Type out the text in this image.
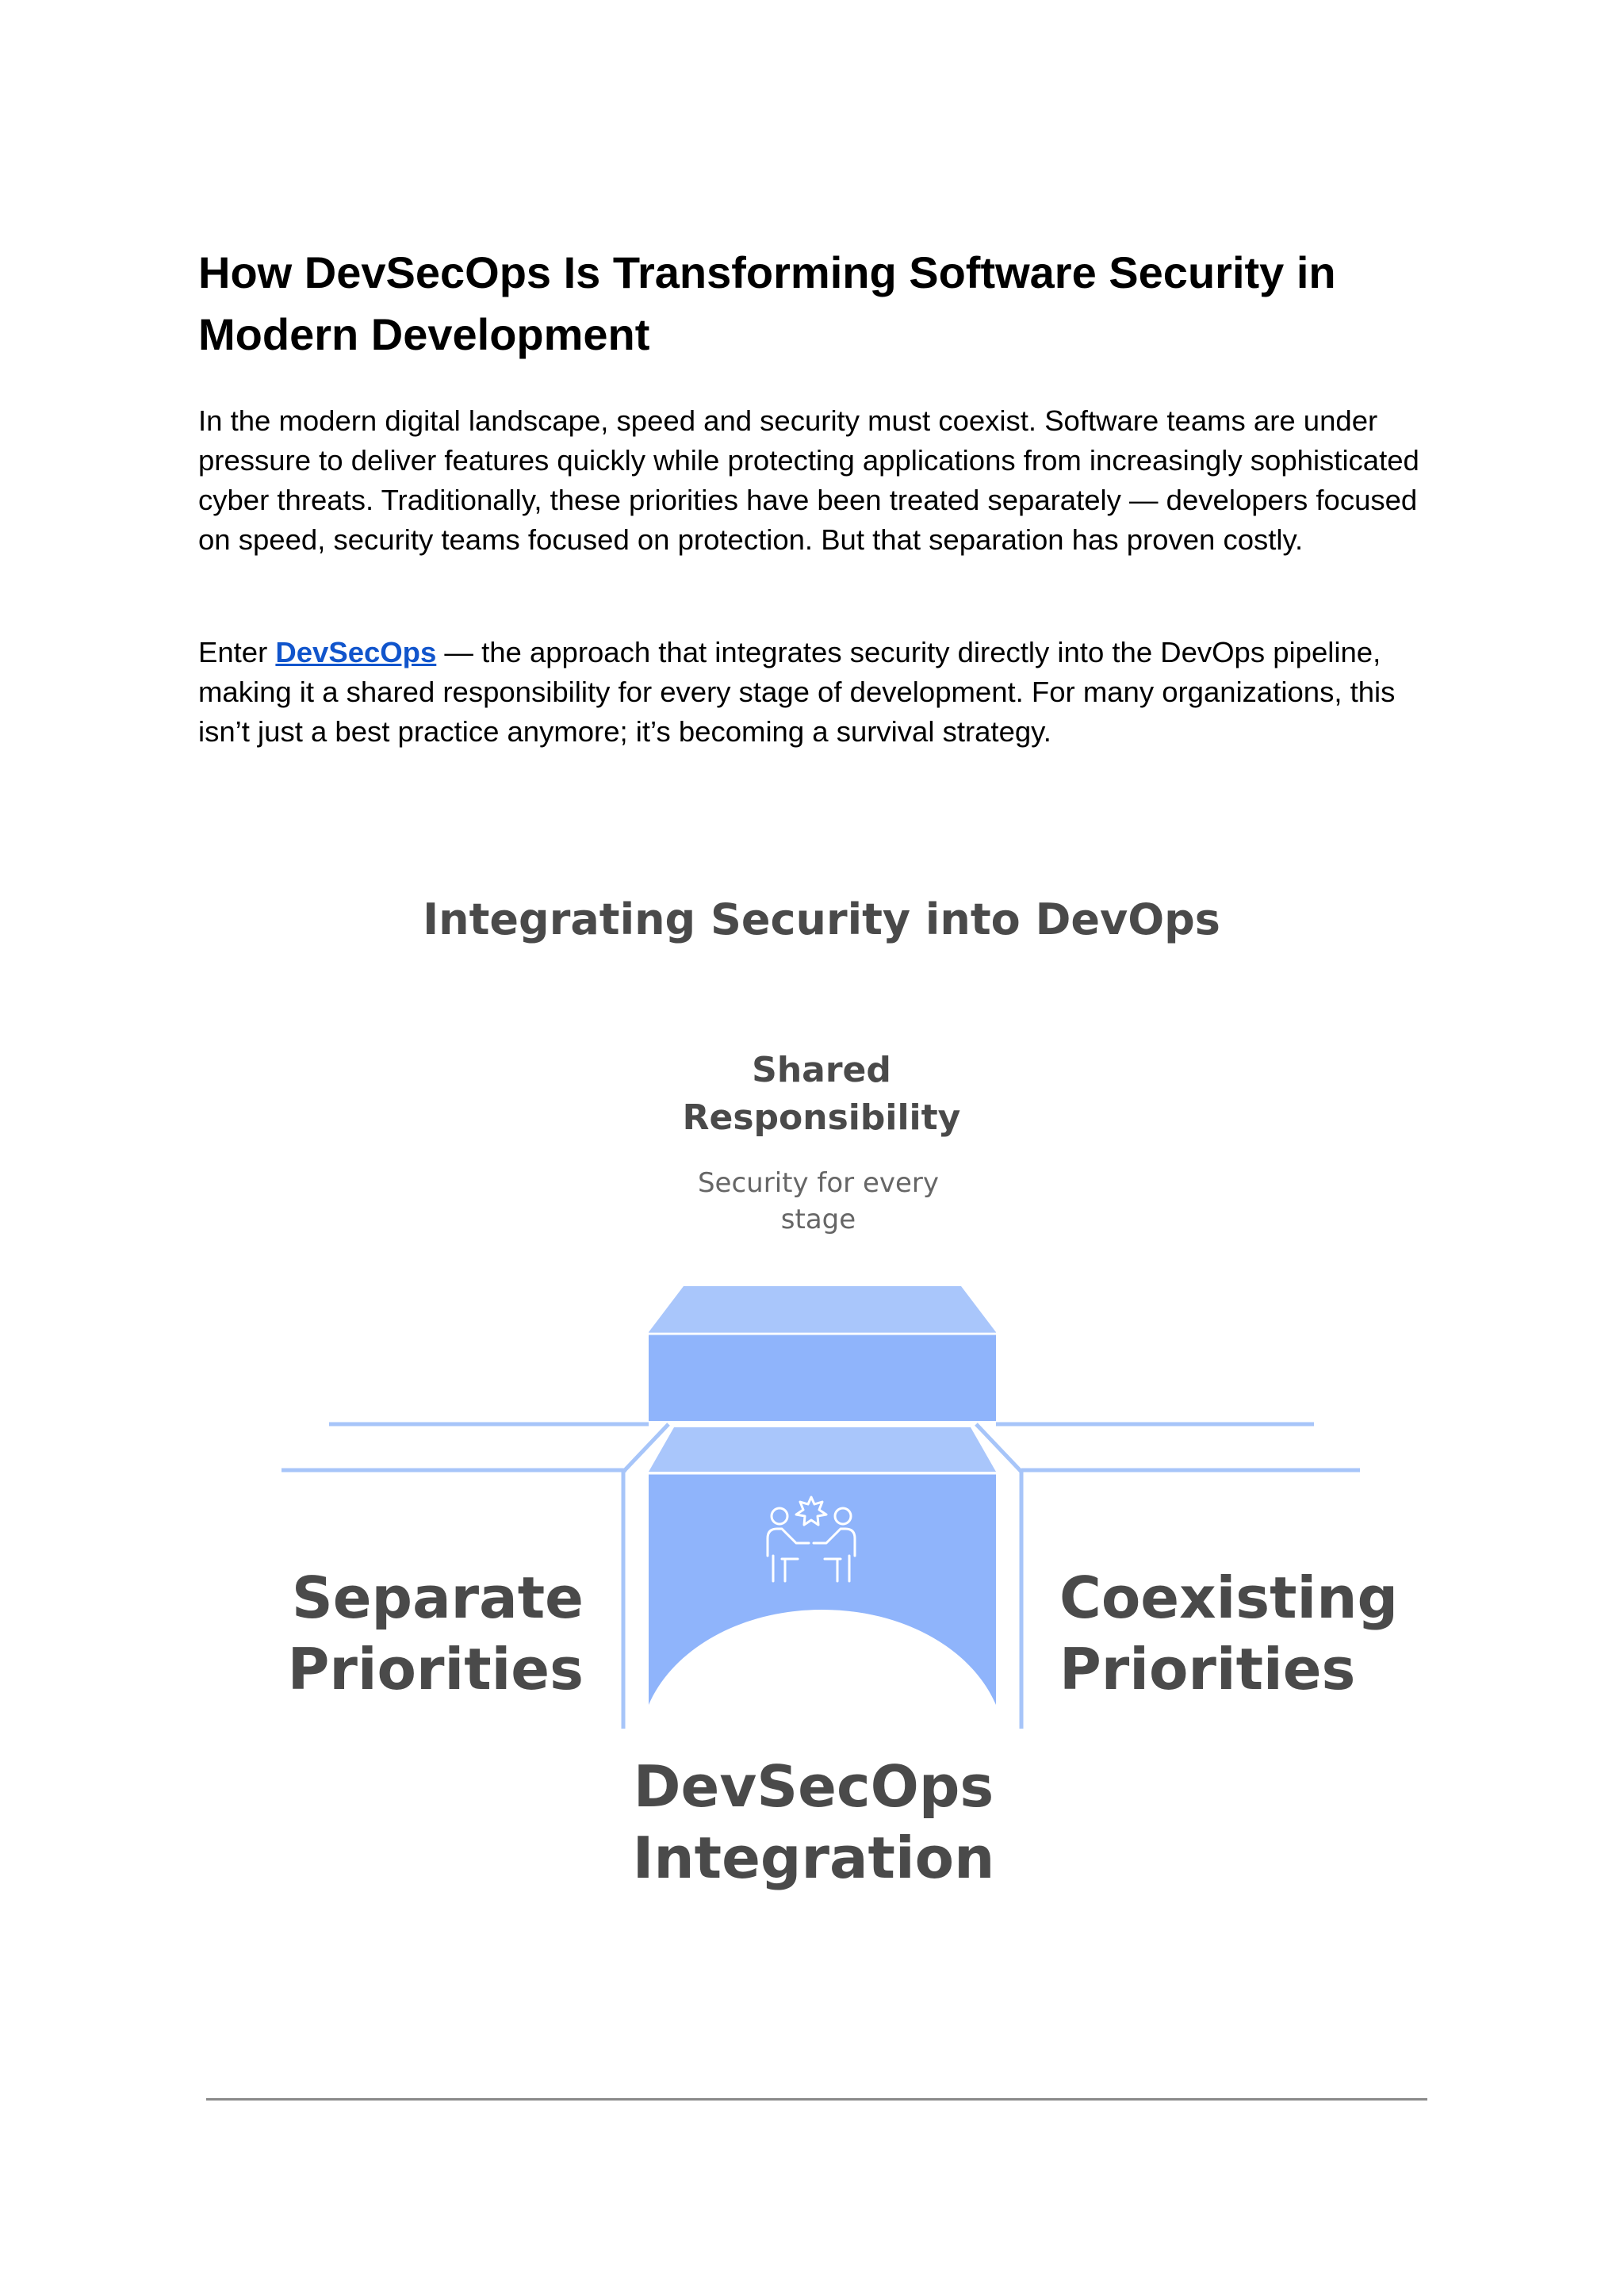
How DevSecOps Is Transforming Software Security in Modern Development

In the modern digital landscape, speed and security must coexist. Software teams are under pressure to deliver features quickly while protecting applications from increasingly sophisticated cyber threats. Traditionally, these priorities have been treated separately — developers focused on speed, security teams focused on protection. But that separation has proven costly.

Enter DevSecOps — the approach that integrates security directly into the DevOps pipeline, making it a shared responsibility for every stage of development. For many organizations, this isn’t just a best practice anymore; it’s becoming a survival strategy.

Integrating Security into DevOps
Shared
Responsibility
Security for every
stage
Separate
Priorities
Coexisting
Priorities
DevSecOps
Integration
